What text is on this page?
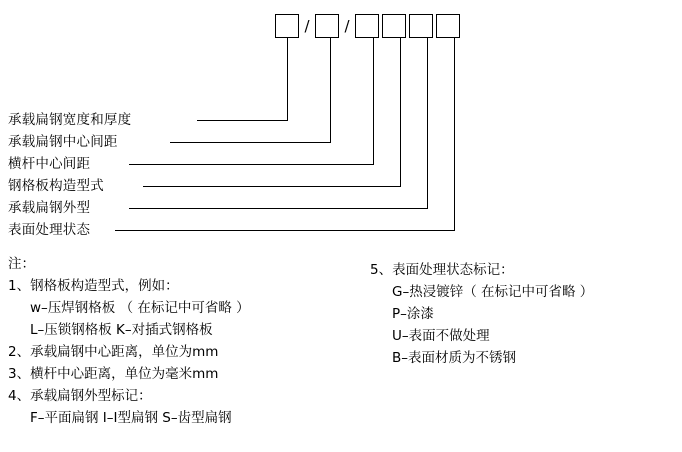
/	/
承载扁钢宽度和厚度
承载扁钢中心间距
横杆中心间距
钢格板构造型式
承载扁钢外型
表面处理状态
注：
1、钢格板构造型式，例如：
w–压焊钢格板 （ 在标记中可省略 ）
L–压锁钢格板 K–对插式钢格板
2、承载扁钢中心距离，单位为mm
3、横杆中心距离，单位为毫米mm
4、承载扁钢外型标记：
F–平面扁钢 I–I型扁钢 S–齿型扁钢
5、表面处理状态标记：
G–热浸镀锌（ 在标记中可省略 ）
P–涂漆
U–表面不做处理
B–表面材质为不锈钢
